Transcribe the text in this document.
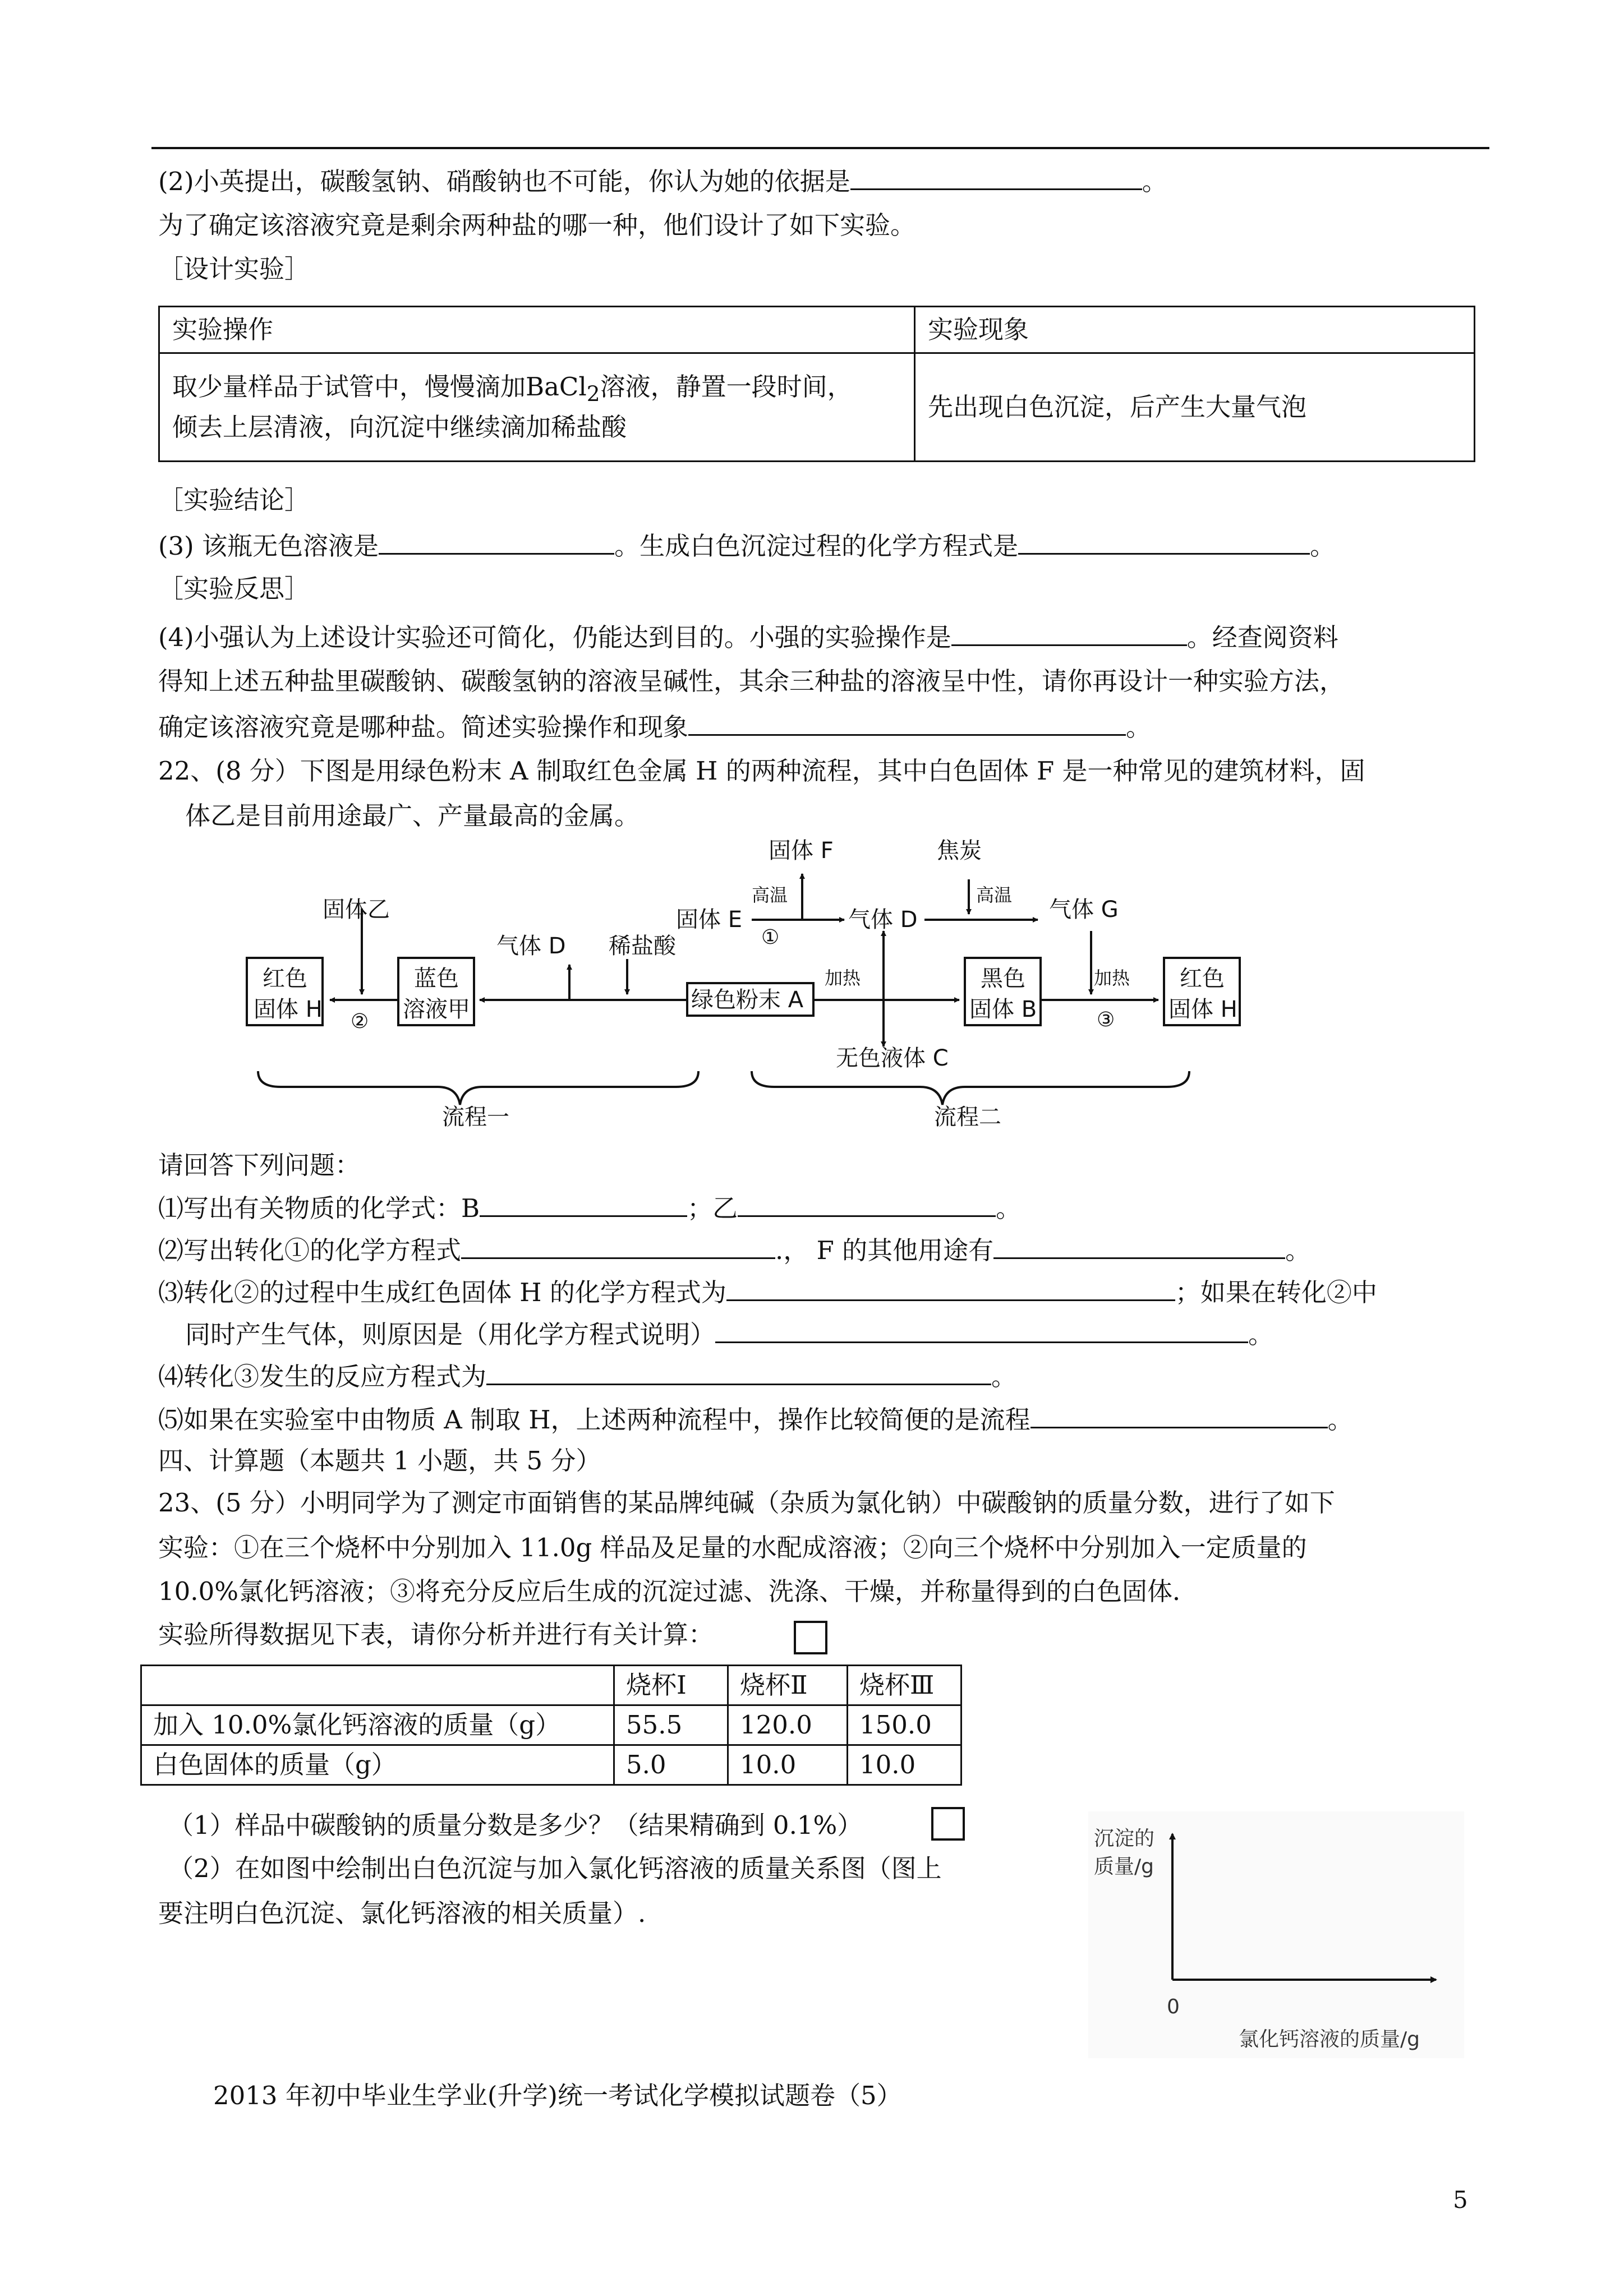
(2)小英提出，碳酸氢钠、硝酸钠也不可能，你认为她的依据是	。
为了确定该溶液究竟是剩余两种盐的哪一种，他们设计了如下实验。
［设计实验］
实验操作	实验现象
取少量样品于试管中，慢慢滴加BaCl$_2$溶液，静置一段时间，
倾去上层清液，向沉淀中继续滴加稀盐酸	先出现白色沉淀，后产生大量气泡
［实验结论］
(3) 该瓶无色溶液是	。生成白色沉淀过程的化学方程式是	。
［实验反思］
(4)小强认为上述设计实验还可简化，仍能达到目的。小强的实验操作是	。经查阅资料
得知上述五种盐里碳酸钠、碳酸氢钠的溶液呈碱性，其余三种盐的溶液呈中性，请你再设计一种实验方法，
确定该溶液究竟是哪种盐。简述实验操作和现象	。
22、(8 分）下图是用绿色粉末 A 制取红色金属 H 的两种流程，其中白色固体 F 是一种常见的建筑材料，固
体乙是目前用途最广、产量最高的金属。
固体 F	焦炭
固体乙	固体 E
高温	高温
①
气体 D	气体 G
气体 D 稀盐酸
红色
固体 H ②
蓝色
溶液甲	绿色粉末 A
加热	黑色
固体 B
加热
③
红色
固体 H
无色液体 C
流程一	流程二
请回答下列问题：
⑴写出有关物质的化学式：B	；乙	。
⑵写出转化①的化学方程式	.， F 的其他用途有	。
⑶转化②的过程中生成红色固体 H 的化学方程式为	；如果在转化②中
同时产生气体，则原因是（用化学方程式说明）	。
⑷转化③发生的反应方程式为	。
⑸如果在实验室中由物质 A 制取 H，上述两种流程中，操作比较简便的是流程	。
四、计算题（本题共 1 小题，共 5 分）
23、(5 分）小明同学为了测定市面销售的某品牌纯碱（杂质为氯化钠）中碳酸钠的质量分数，进行了如下
实验：①在三个烧杯中分别加入 11.0g 样品及足量的水配成溶液；②向三个烧杯中分别加入一定质量的
10.0%氯化钙溶液；③将充分反应后生成的沉淀过滤、洗涤、干燥，并称量得到的白色固体．
实验所得数据见下表，请你分析并进行有关计算：
	烧杯Ⅰ	烧杯Ⅱ	烧杯Ⅲ
加入 10.0%氯化钙溶液的质量（g）	55.5	120.0	150.0
白色固体的质量（g）	5.0	10.0	10.0
（1）样品中碳酸钠的质量分数是多少？（结果精确到 0.1%）
（2）在如图中绘制出白色沉淀与加入氯化钙溶液的质量关系图（图上
要注明白色沉淀、氯化钙溶液的相关质量）.
沉淀的
质量/g
0
氯化钙溶液的质量/g
2013 年初中毕业生学业(升学)统一考试化学模拟试题卷（5）
5
